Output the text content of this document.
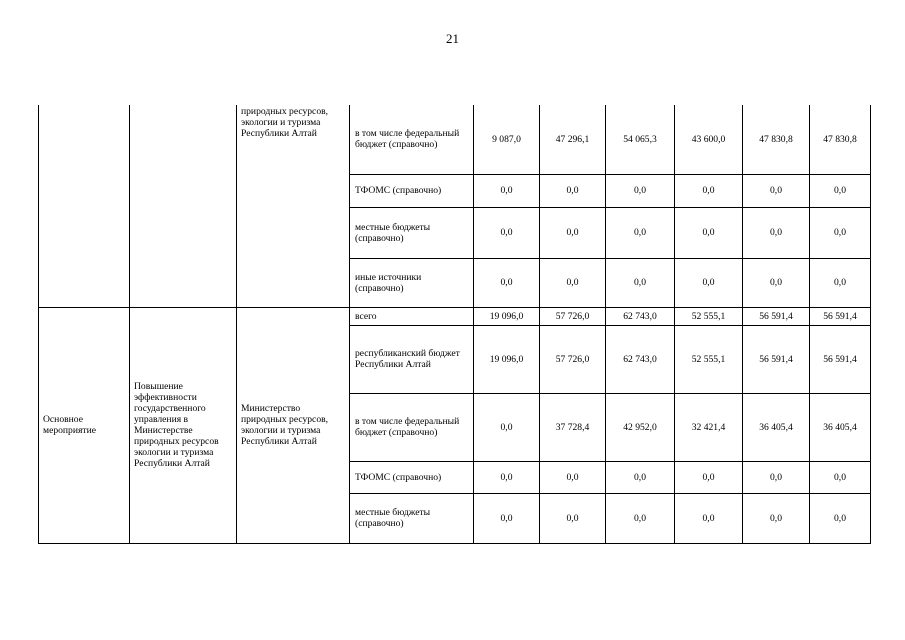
21
		природных ресурсов, экологии и туризма Республики Алтай	в том числе федеральный бюджет (справочно)	9 087,0	47 296,1	54 065,3	43 600,0	47 830,8	47 830,8
			ТФОМС (справочно)	0,0	0,0	0,0	0,0	0,0	0,0
			местные бюджеты (справочно)	0,0	0,0	0,0	0,0	0,0	0,0
			иные источники (справочно)	0,0	0,0	0,0	0,0	0,0	0,0
Основное мероприятие	Повышение эффективности государственного управления в Министерстве природных ресурсов экологии и туризма Республики Алтай	Министерство природных ресурсов, экологии и туризма Республики Алтай	всего	19 096,0	57 726,0	62 743,0	52 555,1	56 591,4	56 591,4
			республиканский бюджет Республики Алтай	19 096,0	57 726,0	62 743,0	52 555,1	56 591,4	56 591,4
			в том числе федеральный бюджет (справочно)	0,0	37 728,4	42 952,0	32 421,4	36 405,4	36 405,4
			ТФОМС (справочно)	0,0	0,0	0,0	0,0	0,0	0,0
			местные бюджеты (справочно)	0,0	0,0	0,0	0,0	0,0	0,0
